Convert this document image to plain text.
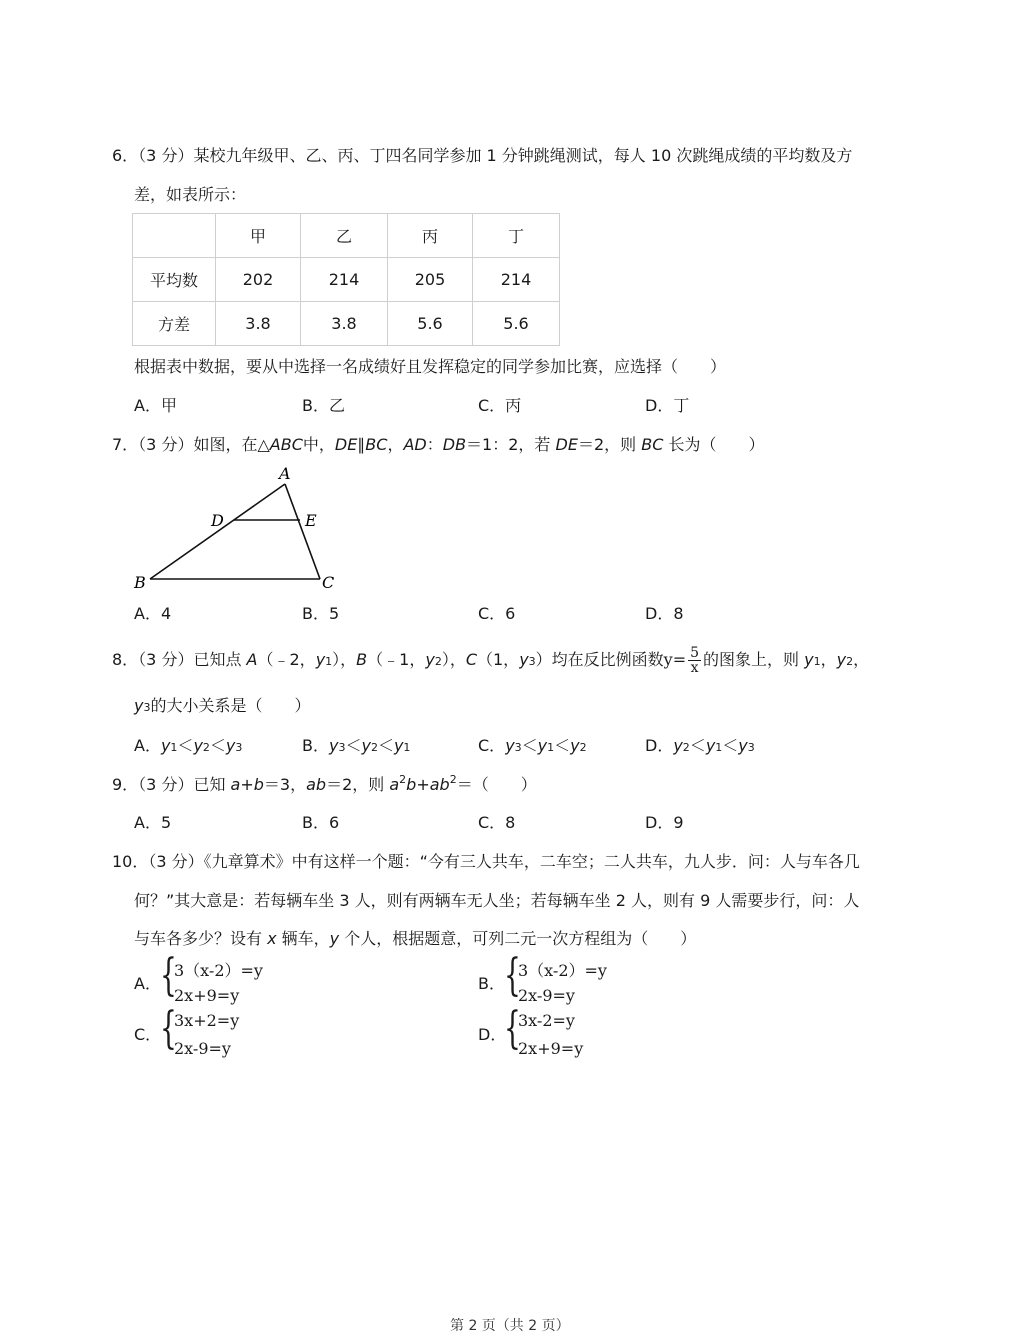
6．（3 分）某校九年级甲、乙、丙、丁四名同学参加 1 分钟跳绳测试，每人 10 次跳绳成绩的平均数及方
差，如表所示：
	甲	乙	丙	丁
平均数	202	214	205	214
方差	3.8	3.8	5.6	5.6
根据表中数据，要从中选择一名成绩好且发挥稳定的同学参加比赛，应选择（　　）
A．甲	B．乙	C．丙	D．丁
7．（3 分）如图，在△ABC中，DE∥BC，AD：DB＝1：2，若 DE＝2，则 BC 长为（　　）
A
B	C
D	E
A．4	B．5	C．6	D．8
8．（3 分）已知点 A（﹣2，y1），B（﹣1，y2），C（1，y3）均在反比例函数$y= \frac{5}{x}$ 的图象上，则 y1，y2，
y3的大小关系是（　　）
A．y1＜y2＜y3	B．y3＜y2＜y1	C．y3＜y1＜y2	D．y2＜y1＜y3
9．（3 分）已知 a+b＝3，ab＝2，则 $a^2b+ab^2=$（　　）
A．5	B．6	C．8	D．9
10．（3 分）《九章算术》中有这样一个题：“今有三人共车，二车空；二人共车，九人步．问：人与车各几
何？”其大意是：若每辆车坐 3 人，则有两辆车无人坐；若每辆车坐 2 人，则有 9 人需要步行，问：人
与车各多少？设有 x 辆车，y 个人，根据题意，可列二元一次方程组为（　　）
A． {
3（x-2）=y
2x+9=y
B． {
3（x-2）=y
2x-9=y
C．
{
3x+2=y
2x-9=y
D．
{
3x-2=y
2x+9=y
第 2 页（共 2 页）
